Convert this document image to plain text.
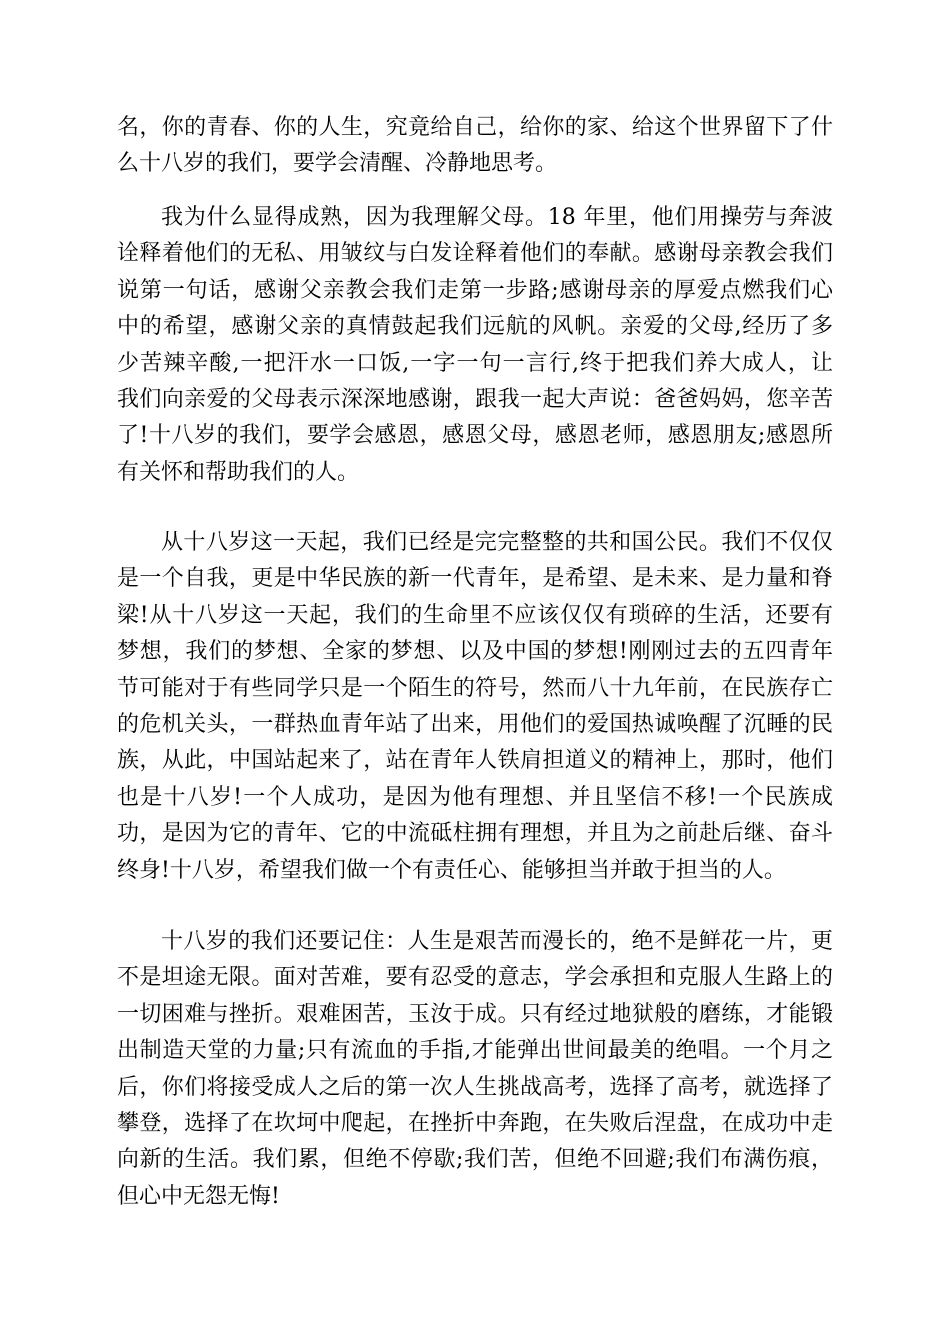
名，你的青春、你的人生，究竟给自己，给你的家、给这个世界留下了什
么十八岁的我们，要学会清醒、冷静地思考。
我为什么显得成熟，因为我理解父母。18 年里，他们用操劳与奔波
诠释着他们的无私、用皱纹与白发诠释着他们的奉献。感谢母亲教会我们
说第一句话，感谢父亲教会我们走第一步路;感谢母亲的厚爱点燃我们心
中的希望，感谢父亲的真情鼓起我们远航的风帆。亲爱的父母,经历了多
少苦辣辛酸,一把汗水一口饭,一字一句一言行,终于把我们养大成人，让
我们向亲爱的父母表示深深地感谢，跟我一起大声说：爸爸妈妈，您辛苦
了!十八岁的我们，要学会感恩，感恩父母，感恩老师，感恩朋友;感恩所
有关怀和帮助我们的人。
从十八岁这一天起，我们已经是完完整整的共和国公民。我们不仅仅
是一个自我，更是中华民族的新一代青年，是希望、是未来、是力量和脊
梁!从十八岁这一天起，我们的生命里不应该仅仅有琐碎的生活，还要有
梦想，我们的梦想、全家的梦想、以及中国的梦想!刚刚过去的五四青年
节可能对于有些同学只是一个陌生的符号，然而八十九年前，在民族存亡
的危机关头，一群热血青年站了出来，用他们的爱国热诚唤醒了沉睡的民
族，从此，中国站起来了，站在青年人铁肩担道义的精神上，那时，他们
也是十八岁!一个人成功，是因为他有理想、并且坚信不移!一个民族成
功，是因为它的青年、它的中流砥柱拥有理想，并且为之前赴后继、奋斗
终身!十八岁，希望我们做一个有责任心、能够担当并敢于担当的人。
十八岁的我们还要记住：人生是艰苦而漫长的，绝不是鲜花一片，更
不是坦途无限。面对苦难，要有忍受的意志，学会承担和克服人生路上的
一切困难与挫折。艰难困苦，玉汝于成。只有经过地狱般的磨练，才能锻
出制造天堂的力量;只有流血的手指,才能弹出世间最美的绝唱。一个月之
后，你们将接受成人之后的第一次人生挑战高考，选择了高考，就选择了
攀登，选择了在坎坷中爬起，在挫折中奔跑，在失败后涅盘，在成功中走
向新的生活。我们累，但绝不停歇;我们苦，但绝不回避;我们布满伤痕，
但心中无怨无悔!
